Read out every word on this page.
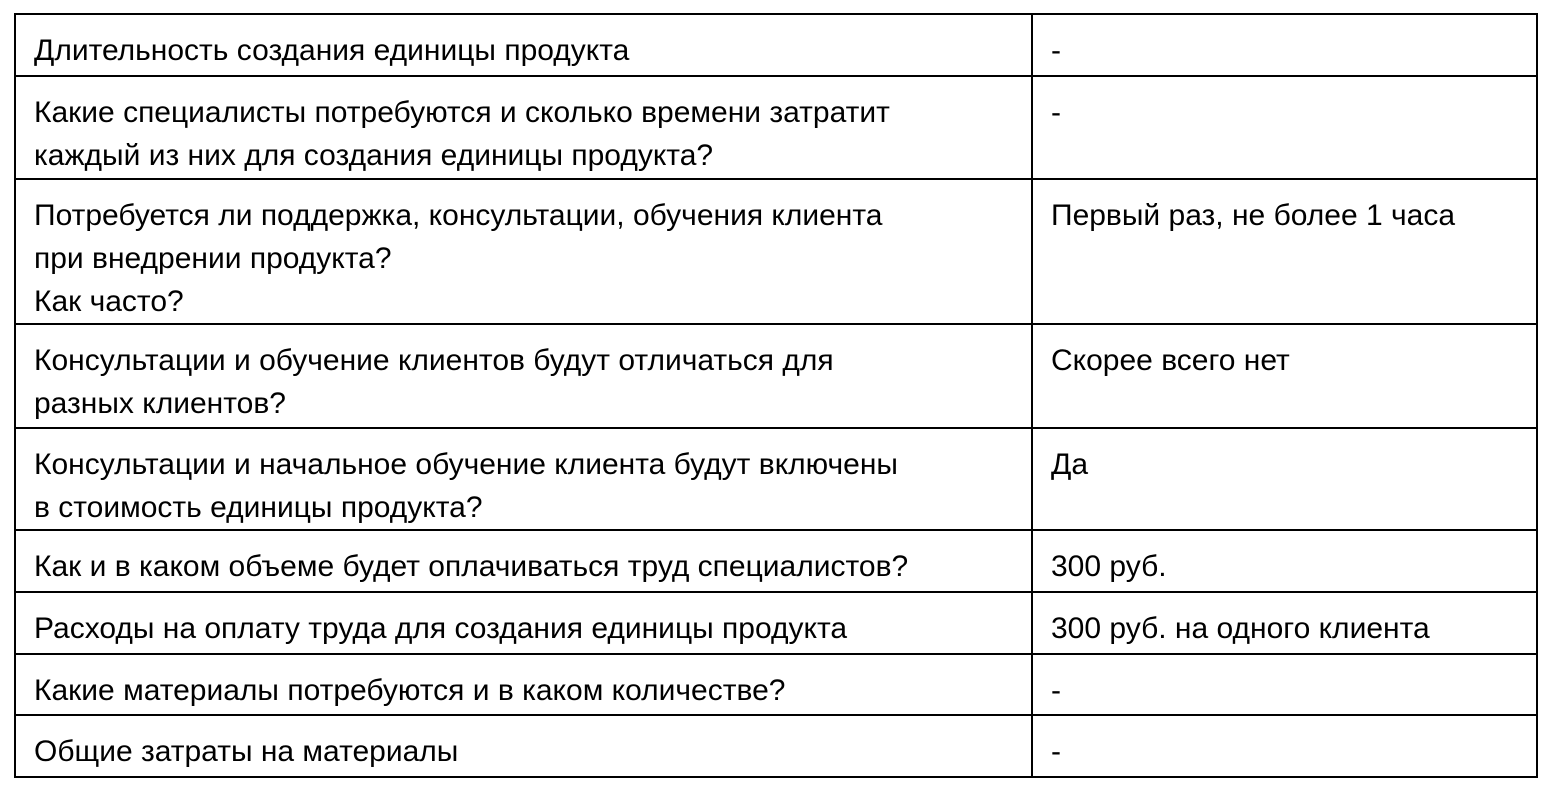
Длительность создания единицы продукта	-

Какие специалисты потребуются и сколько времени затратит
каждый из них для создания единицы продукта?	-

Потребуется ли поддержка, консультации, обучения клиента
при внедрении продукта?
Как часто?	Первый раз, не более 1 часа

Консультации и обучение клиентов будут отличаться для
разных клиентов?	Скорее всего нет

Консультации и начальное обучение клиента будут включены
в стоимость единицы продукта?	Да

Как и в каком объеме будет оплачиваться труд специалистов?	300 руб.

Расходы на оплату труда для создания единицы продукта	300 руб. на одного клиента

Какие материалы потребуются и в каком количестве?	-

Общие затраты на материалы	-
